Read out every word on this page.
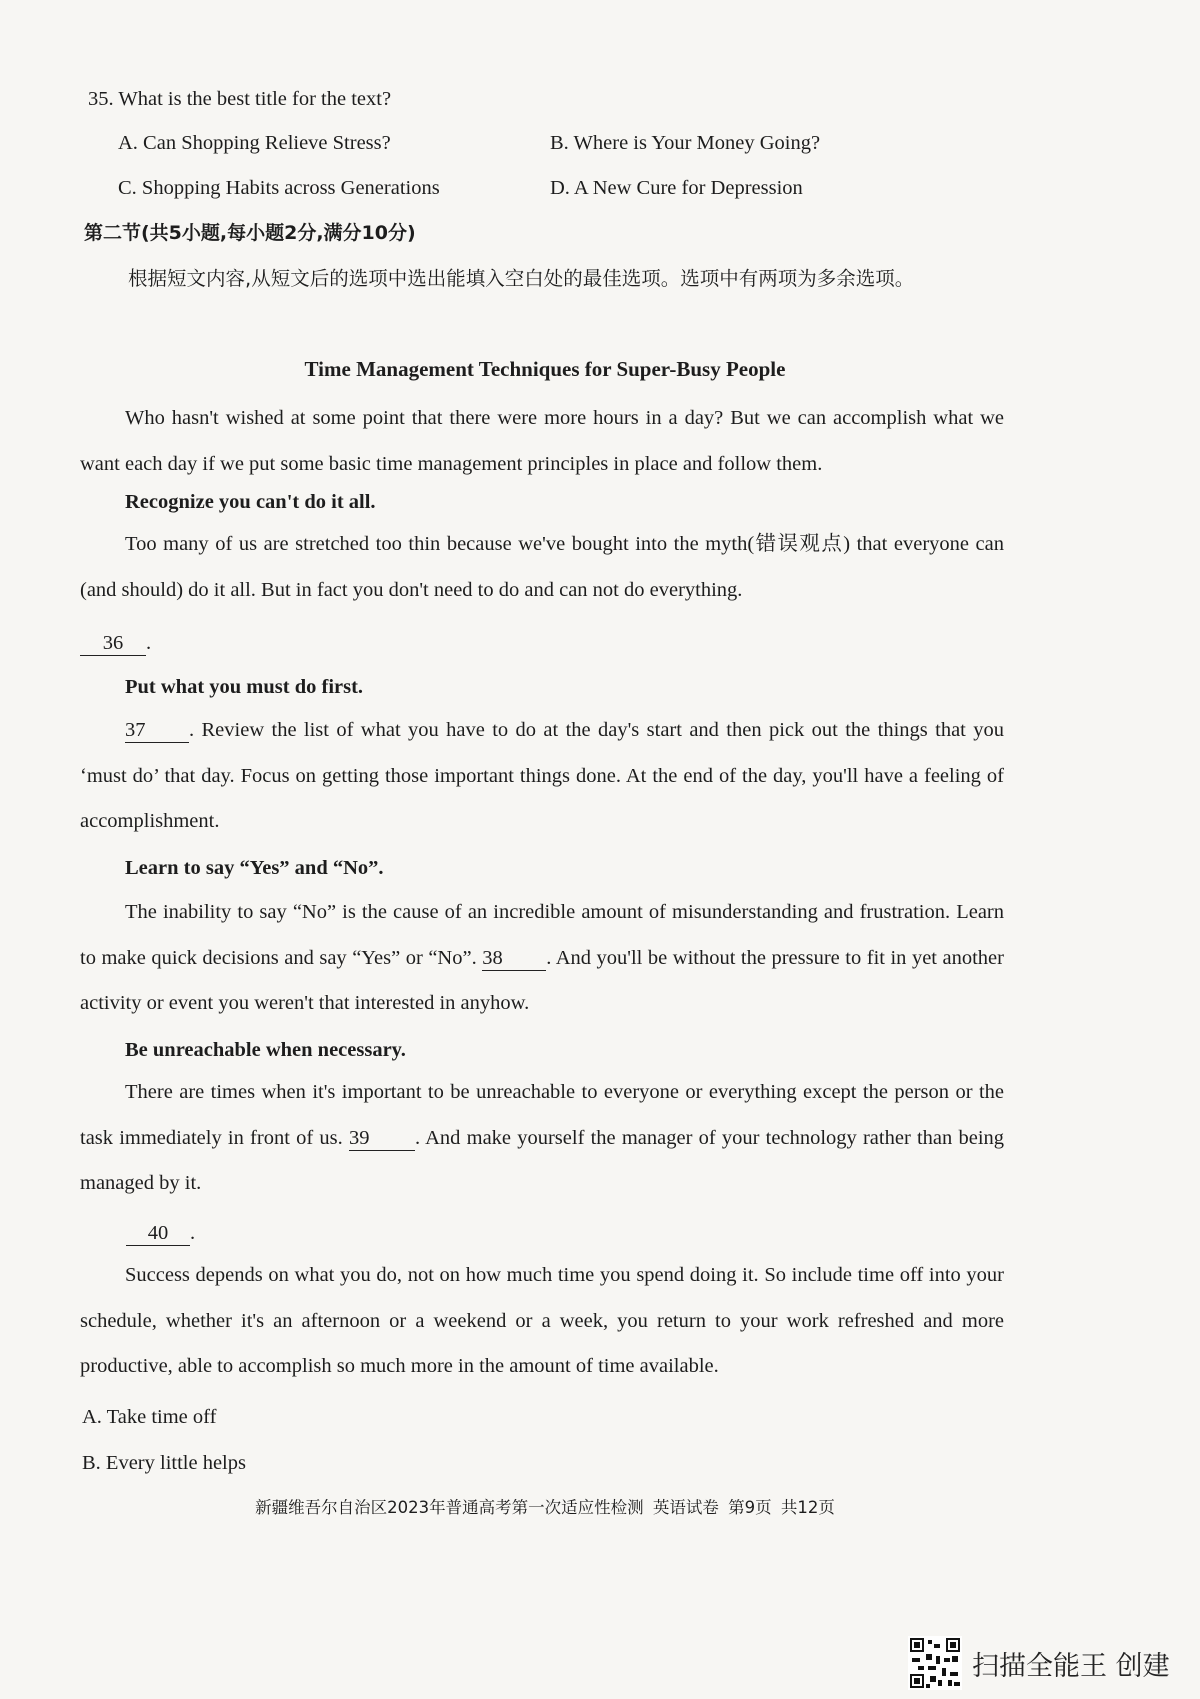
35. What is the best title for the text?
A. Can Shopping Relieve Stress?	B. Where is Your Money Going?
C. Shopping Habits across Generations	D. A New Cure for Depression
第二节(共5小题,每小题2分,满分10分)
根据短文内容,从短文后的选项中选出能填入空白处的最佳选项。选项中有两项为多余选项。
Time Management Techniques for Super-Busy People
Who hasn't wished at some point that there were more hours in a day? But we can accomplish what we want each day if we put some basic time management principles in place and follow them.
Recognize you can't do it all.
Too many of us are stretched too thin because we've bought into the myth(错误观点) that everyone can (and should) do it all. But in fact you don't need to do and can not do everything.
36 .
Put what you must do first.
37 . Review the list of what you have to do at the day's start and then pick out the things that you ‘must do’ that day. Focus on getting those important things done. At the end of the day, you'll have a feeling of accomplishment.
Learn to say “Yes” and “No”.
The inability to say “No” is the cause of an incredible amount of misunderstanding and frustration. Learn to make quick decisions and say “Yes” or “No”. 38 . And you'll be without the pressure to fit in yet another activity or event you weren't that interested in anyhow.
Be unreachable when necessary.
There are times when it's important to be unreachable to everyone or everything except the person or the task immediately in front of us. 39 . And make yourself the manager of your technology rather than being managed by it.
40 .
Success depends on what you do, not on how much time you spend doing it. So include time off into your schedule, whether it's an afternoon or a weekend or a week, you return to your work refreshed and more productive, able to accomplish so much more in the amount of time available.
A. Take time off
B. Every little helps
新疆维吾尔自治区2023年普通高考第一次适应性检测 英语试卷 第9页 共12页
扫描全能王 创建
